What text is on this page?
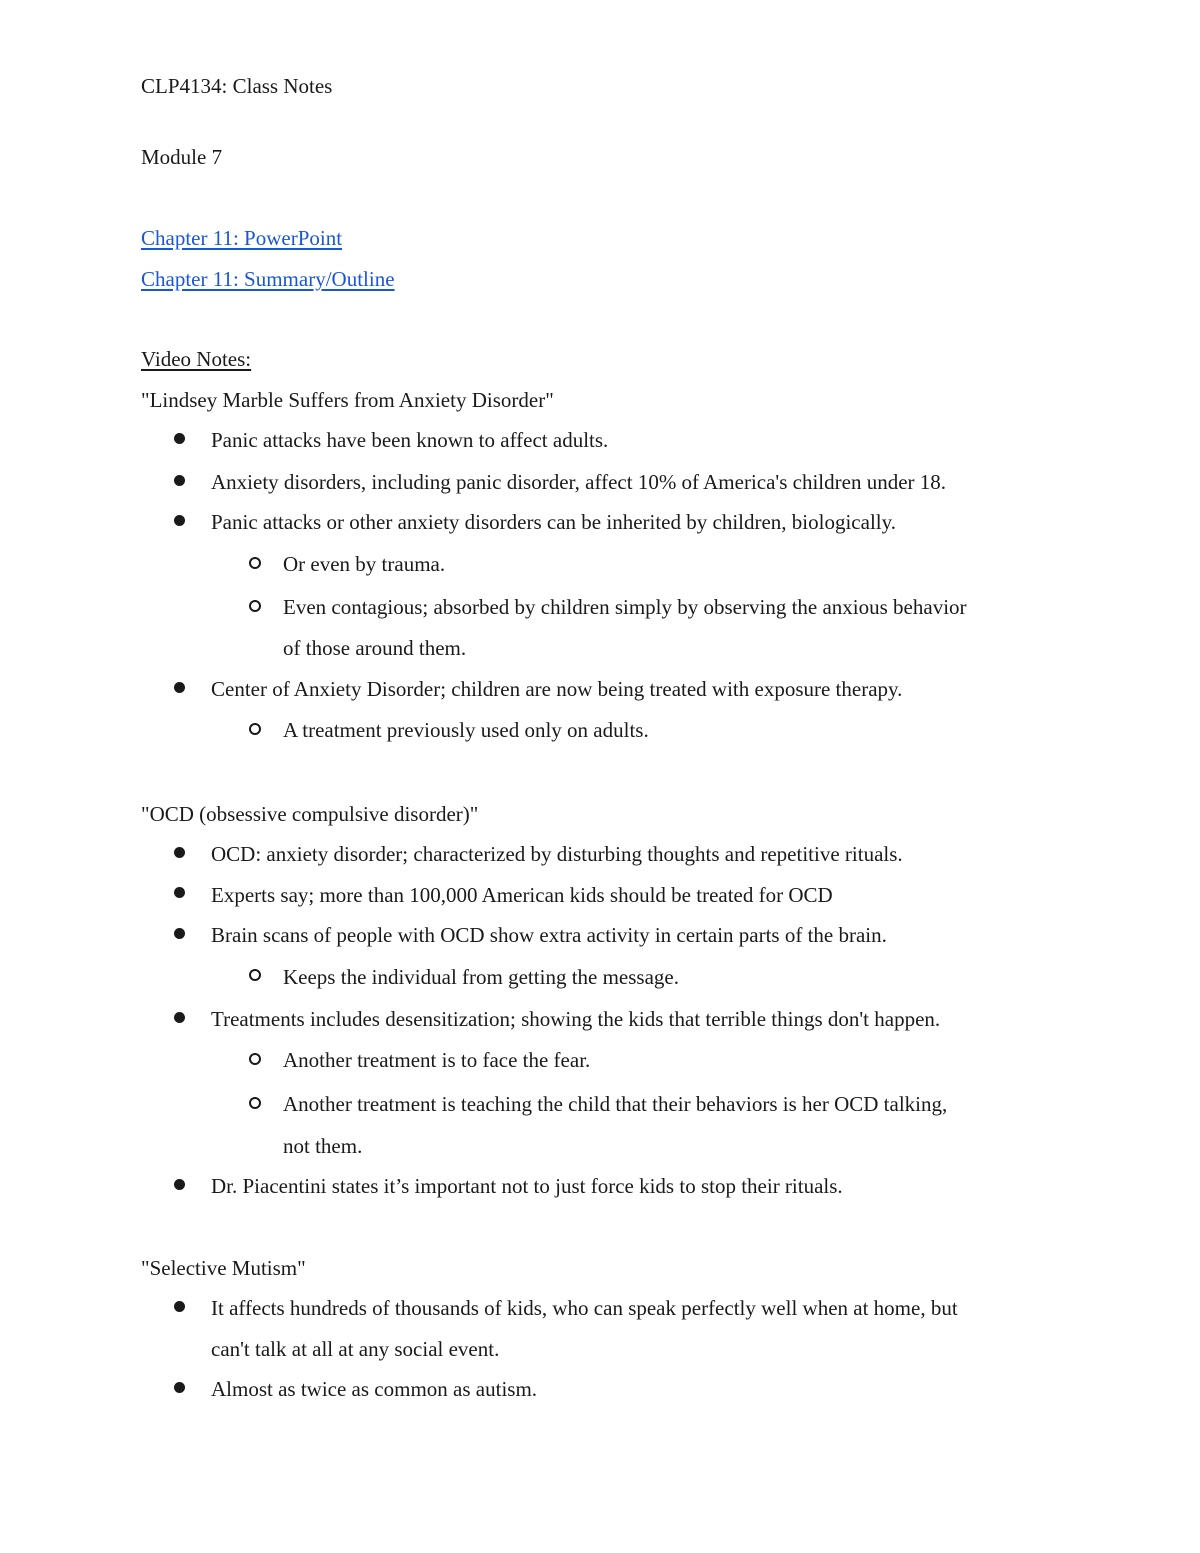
CLP4134: Class Notes
Module 7
Chapter 11: PowerPoint
Chapter 11: Summary/Outline
Video Notes:
"Lindsey Marble Suffers from Anxiety Disorder"
Panic attacks have been known to affect adults.
Anxiety disorders, including panic disorder, affect 10% of America's children under 18.
Panic attacks or other anxiety disorders can be inherited by children, biologically.
Or even by trauma.
Even contagious; absorbed by children simply by observing the anxious behavior
of those around them.
Center of Anxiety Disorder; children are now being treated with exposure therapy.
A treatment previously used only on adults.
"OCD (obsessive compulsive disorder)"
OCD: anxiety disorder; characterized by disturbing thoughts and repetitive rituals.
Experts say; more than 100,000 American kids should be treated for OCD
Brain scans of people with OCD show extra activity in certain parts of the brain.
Keeps the individual from getting the message.
Treatments includes desensitization; showing the kids that terrible things don't happen.
Another treatment is to face the fear.
Another treatment is teaching the child that their behaviors is her OCD talking,
not them.
Dr. Piacentini states it’s important not to just force kids to stop their rituals.
"Selective Mutism"
It affects hundreds of thousands of kids, who can speak perfectly well when at home, but
can't talk at all at any social event.
Almost as twice as common as autism.
